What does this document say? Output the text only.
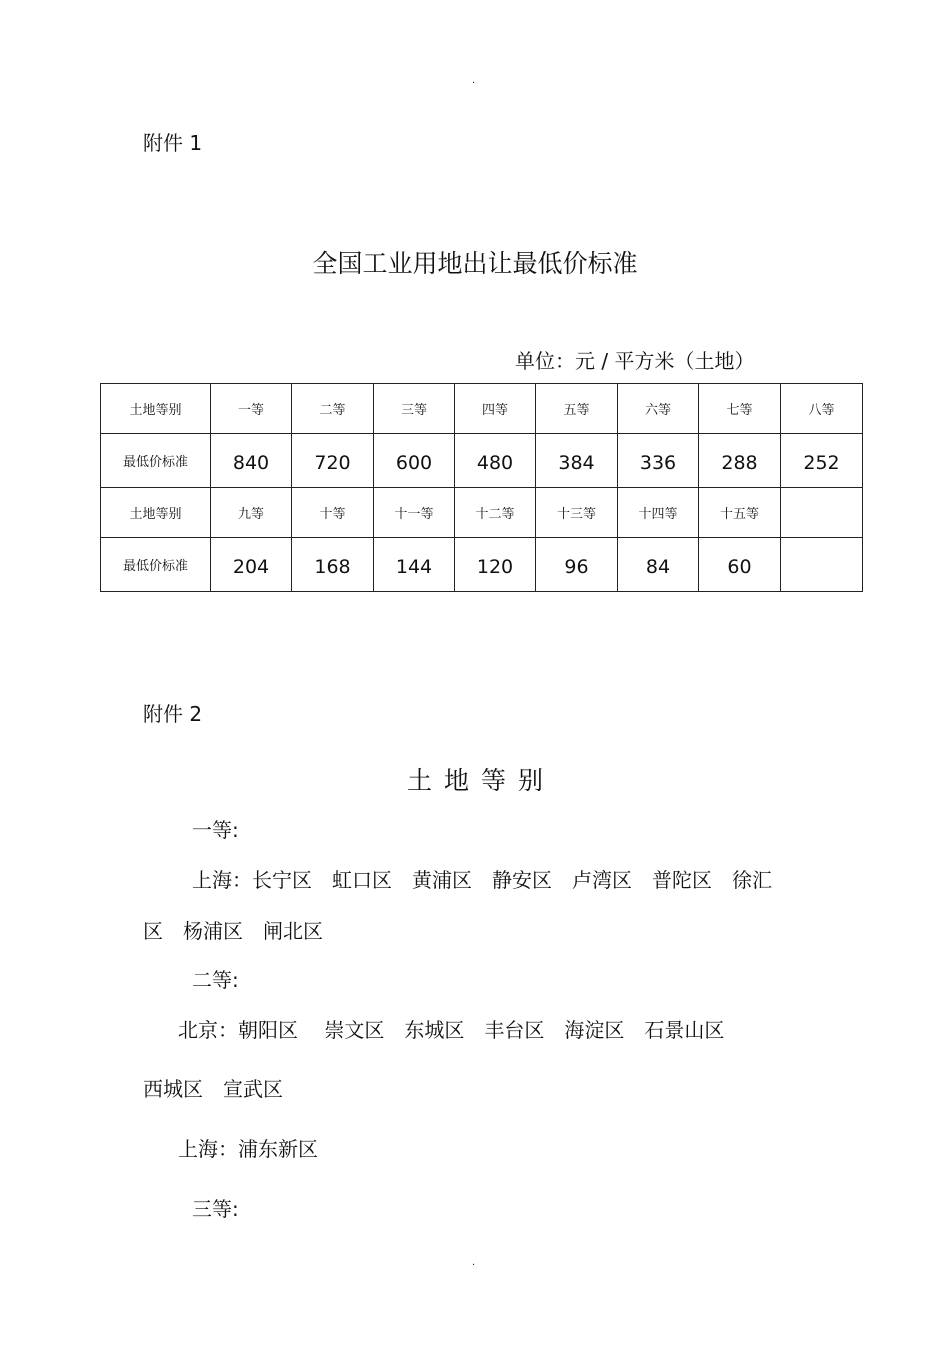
.
附件 1
全国工业用地出让最低价标准
单位：元 / 平方米（土地）
土地等别	一等	二等	三等	四等	五等	六等	七等	八等
最低价标准	840	720	600	480	384	336	288	252
土地等别	九等	十等	十一等	十二等	十三等	十四等	十五等	
最低价标准	204	168	144	120	96	84	60	
附件 2
土地等别
一等:
上海：长宁区　虹口区　黄浦区　静安区　卢湾区　普陀区　徐汇
区　杨浦区　闸北区
二等:
北京：朝阳区　 崇文区　东城区　丰台区　海淀区　石景山区
西城区　宣武区
上海：浦东新区
三等:
.
